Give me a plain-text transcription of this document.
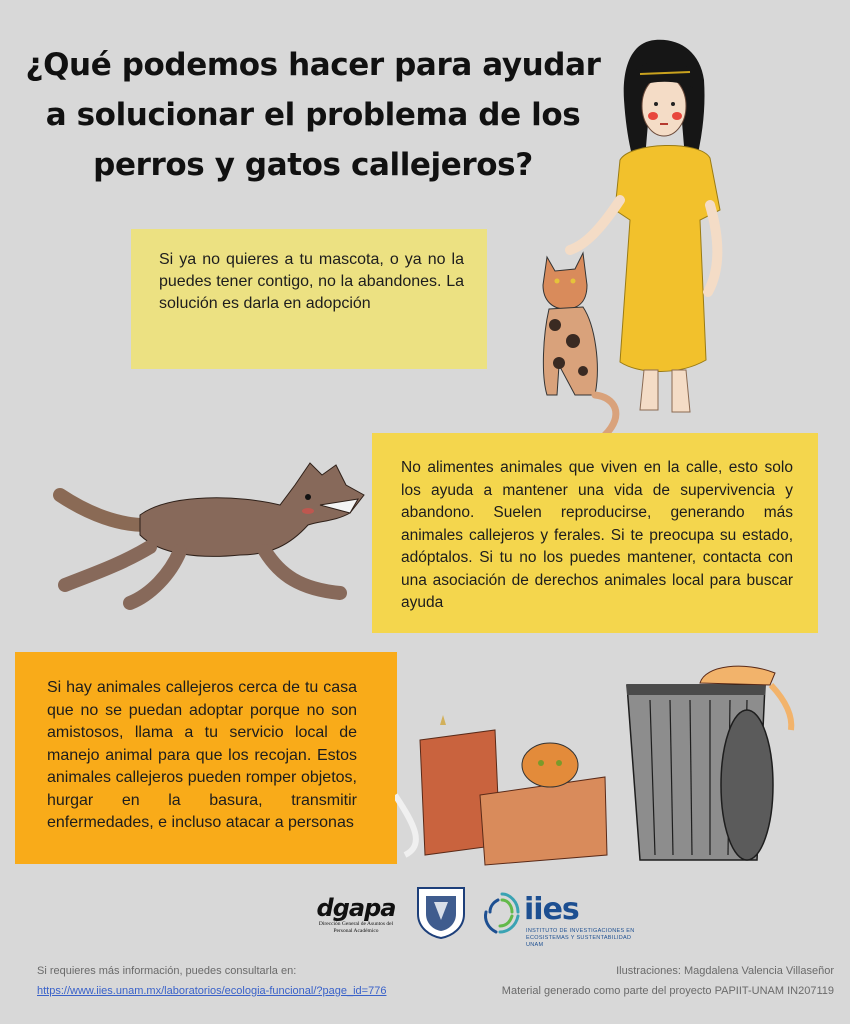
¿Qué podemos hacer para ayudar a solucionar el problema de los perros y gatos callejeros?

Si ya no quieres a tu mascota, o ya no la puedes tener contigo, no la abandones. La solución es darla en adopción

No alimentes animales que viven en la calle, esto solo los ayuda a mantener una vida de supervivencia y abandono. Suelen reproducirse, generando más animales callejeros y ferales. Si te preocupa su estado, adóptalos. Si tu no los puedes mantener, contacta con una asociación de derechos animales local para buscar ayuda

Si hay animales callejeros cerca de tu casa que no se puedan adoptar porque no son amistosos, llama a tu servicio local de manejo animal para que los recojan. Estos animales callejeros pueden romper objetos, hurgar en la basura, transmitir enfermedades, e incluso atacar a personas

dgapa
Dirección General de Asuntos del Personal Académico
iies
INSTITUTO DE INVESTIGACIONES EN ECOSISTEMAS Y SUSTENTABILIDAD UNAM
Si requieres más información, puedes consultarla en:
https://www.iies.unam.mx/laboratorios/ecologia-funcional/?page_id=776
Ilustraciones: Magdalena Valencia Villaseñor
Material generado como parte del proyecto PAPIIT-UNAM IN207119
